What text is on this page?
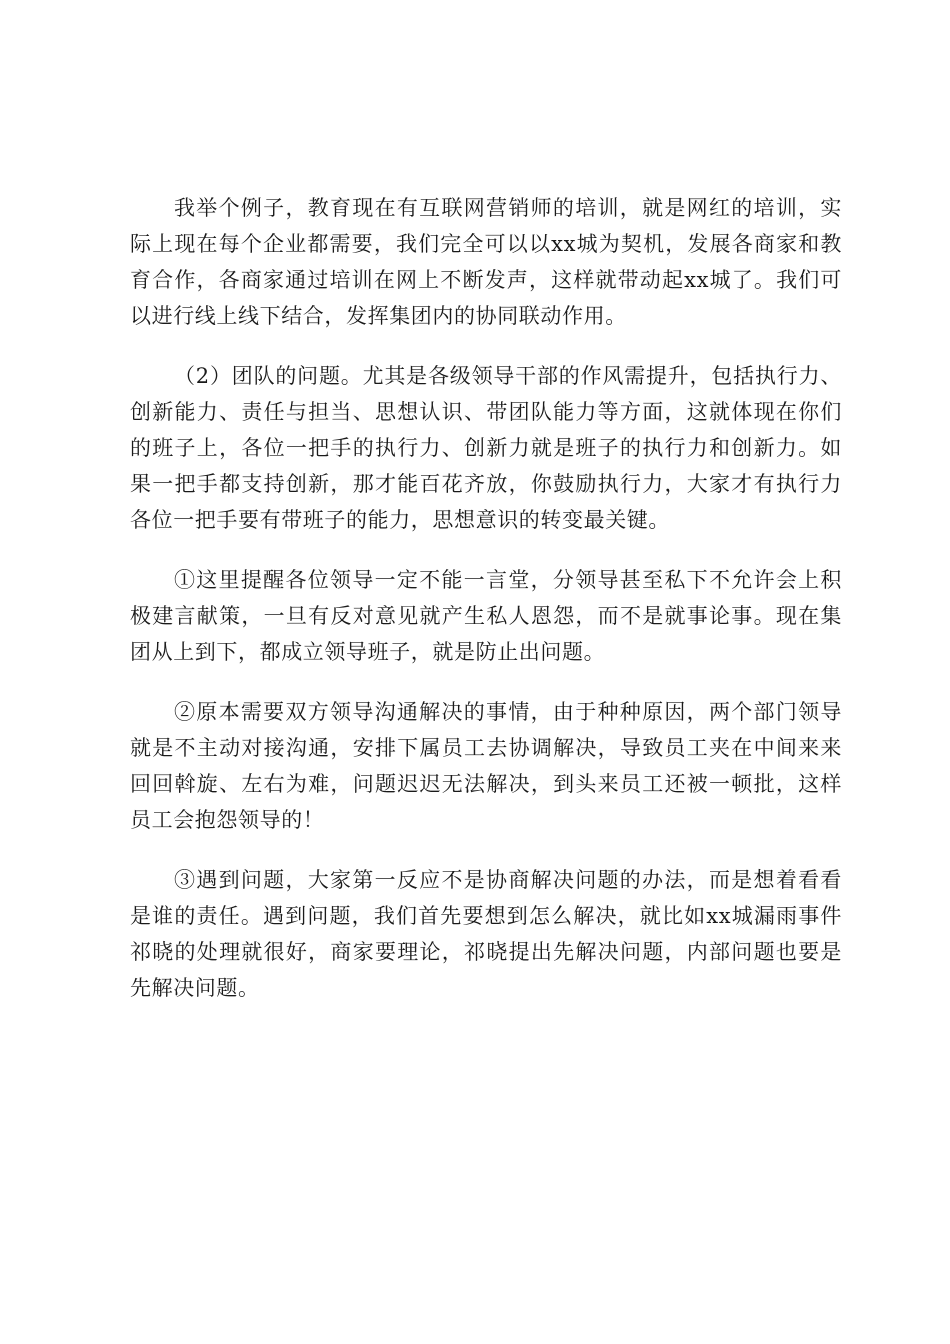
我举个例子，教育现在有互联网营销师的培训，就是网红的培训，实际上现在每个企业都需要，我们完全可以以xx城为契机，发展各商家和教育合作，各商家通过培训在网上不断发声，这样就带动起xx城了。我们可以进行线上线下结合，发挥集团内的协同联动作用。

（2）团队的问题。尤其是各级领导干部的作风需提升，包括执行力、创新能力、责任与担当、思想认识、带团队能力等方面，这就体现在你们的班子上，各位一把手的执行力、创新力就是班子的执行力和创新力。如果一把手都支持创新，那才能百花齐放，你鼓励执行力，大家才有执行力各位一把手要有带班子的能力，思想意识的转变最关键。

①这里提醒各位领导一定不能一言堂，分领导甚至私下不允许会上积极建言献策，一旦有反对意见就产生私人恩怨，而不是就事论事。现在集团从上到下，都成立领导班子，就是防止出问题。

②原本需要双方领导沟通解决的事情，由于种种原因，两个部门领导就是不主动对接沟通，安排下属员工去协调解决，导致员工夹在中间来来回回斡旋、左右为难，问题迟迟无法解决，到头来员工还被一顿批，这样员工会抱怨领导的！

③遇到问题，大家第一反应不是协商解决问题的办法，而是想着看看是谁的责任。遇到问题，我们首先要想到怎么解决，就比如xx城漏雨事件祁晓的处理就很好，商家要理论，祁晓提出先解决问题，内部问题也要是先解决问题。
